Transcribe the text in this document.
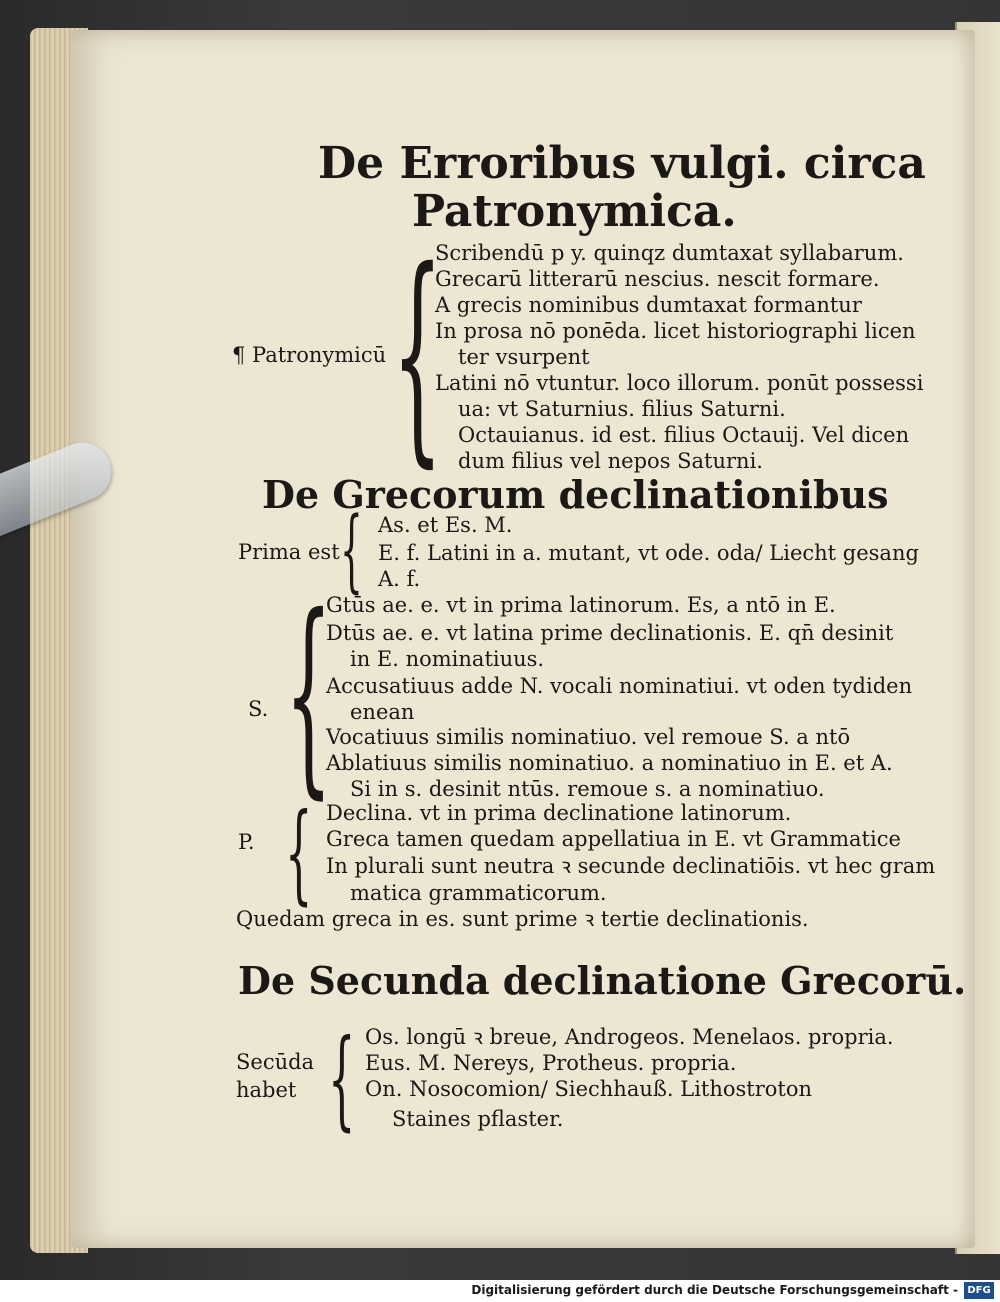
De Erroribus vulgi. circa
Patronymica.
¶ Patronymicū {
Scribendū p y. quinqz dumtaxat syllabarum.
Grecarū litterarū nescius. nescit formare.
A grecis nominibus dumtaxat formantur
In prosa nō ponēda. licet historiographi licen
ter vsurpent
Latini nō vtuntur. loco illorum. ponūt possessi
ua: vt Saturnius. filius Saturni.
Octauianus. id est. filius Octauij. Vel dicen
dum filius vel nepos Saturni.
De Grecorum declinationibus
Prima est { As. et Es. M.
E. f. Latini in a. mutant, vt ode. oda/ Liecht gesang
A. f.
S. {
Gtūs ae. e. vt in prima latinorum. Es, a ntō in E.
Dtūs ae. e. vt latina prime declinationis. E. qn̄ desinit
in E. nominatiuus.
Accusatiuus adde N. vocali nominatiui. vt oden tydiden
enean
Vocatiuus similis nominatiuo. vel remoue S. a ntō
Ablatiuus similis nominatiuo. a nominatiuo in E. et A.
Si in s. desinit ntūs. remoue s. a nominatiuo.
P. { Declina. vt in prima declinatione latinorum.
Greca tamen quedam appellatiua in E. vt Grammatice
In plurali sunt neutra ꝛ secunde declinatiōis. vt hec gram
matica grammaticorum.
Quedam greca in es. sunt prime ꝛ tertie declinationis.
De Secunda declinatione Grecorū.
Secūda
habet { Os. longū ꝛ breue, Androgeos. Menelaos. propria.
Eus. M. Nereys, Protheus. propria.
On. Nosocomion/ Siechhauß. Lithostroton
Staines pflaster.
Digitalisierung gefördert durch die Deutsche Forschungsgemeinschaft - DFG
